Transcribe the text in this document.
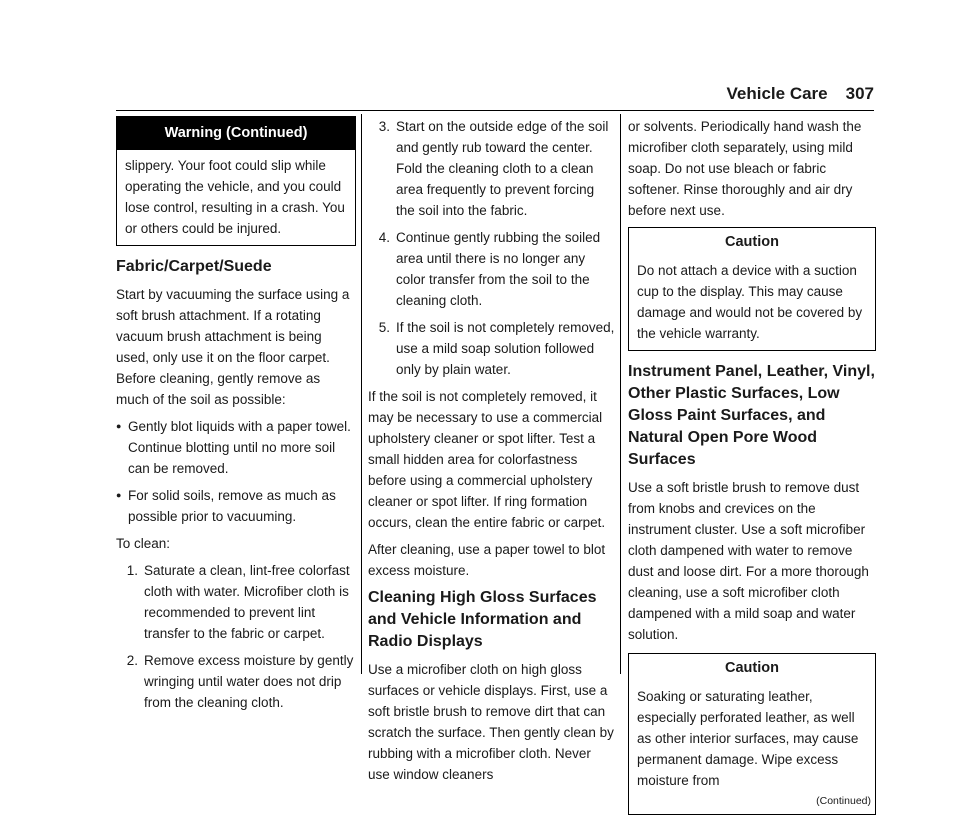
Vehicle Care 307
Warning (Continued)
slippery. Your foot could slip while operating the vehicle, and you could lose control, resulting in a crash. You or others could be injured.
Fabric/Carpet/Suede

Start by vacuuming the surface using a soft brush attachment. If a rotating vacuum brush attachment is being used, only use it on the floor carpet. Before cleaning, gently remove as much of the soil as possible:

● Gently blot liquids with a paper towel. Continue blotting until no more soil can be removed.
● For solid soils, remove as much as possible prior to vacuuming.

To clean:

1. Saturate a clean, lint-free colorfast cloth with water. Microfiber cloth is recommended to prevent lint transfer to the fabric or carpet.
2. Remove excess moisture by gently wringing until water does not drip from the cleaning cloth.
3. Start on the outside edge of the soil and gently rub toward the center. Fold the cleaning cloth to a clean area frequently to prevent forcing the soil into the fabric.
4. Continue gently rubbing the soiled area until there is no longer any color transfer from the soil to the cleaning cloth.
5. If the soil is not completely removed, use a mild soap solution followed only by plain water.

If the soil is not completely removed, it may be necessary to use a commercial upholstery cleaner or spot lifter. Test a small hidden area for colorfastness before using a commercial upholstery cleaner or spot lifter. If ring formation occurs, clean the entire fabric or carpet.

After cleaning, use a paper towel to blot excess moisture.

Cleaning High Gloss Surfaces and Vehicle Information and Radio Displays

Use a microfiber cloth on high gloss surfaces or vehicle displays. First, use a soft bristle brush to remove dirt that can scratch the surface. Then gently clean by rubbing with a microfiber cloth. Never use window cleaners

or solvents. Periodically hand wash the microfiber cloth separately, using mild soap. Do not use bleach or fabric softener. Rinse thoroughly and air dry before next use.

Caution
Do not attach a device with a suction cup to the display. This may cause damage and would not be covered by the vehicle warranty.
Instrument Panel, Leather, Vinyl, Other Plastic Surfaces, Low Gloss Paint Surfaces, and Natural Open Pore Wood Surfaces

Use a soft bristle brush to remove dust from knobs and crevices on the instrument cluster. Use a soft microfiber cloth dampened with water to remove dust and loose dirt. For a more thorough cleaning, use a soft microfiber cloth dampened with a mild soap and water solution.

Caution
Soaking or saturating leather, especially perforated leather, as well as other interior surfaces, may cause permanent damage. Wipe excess moisture from
(Continued)
